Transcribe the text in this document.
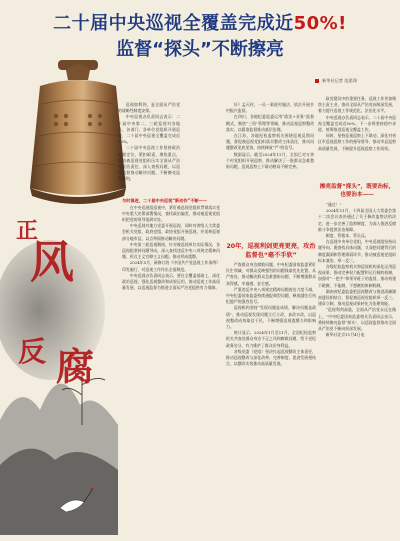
二十届中央巡视全覆盖完成近50%!
监督“探头”不断擦亮
正
风
反 腐
新华社记者 范思翔

巡视如利剑，是全面从严治党的战略性制度安排。

中央巡视办负责同志表示：二十届中央第二、三轮巡视对各地区、各部门、各单位党组织开展巡视，二十届中央巡视全覆盖完成近50%。

二十届中央巡视工作坚持政治巡视定位，紧扣职责、聚焦重点，推动被巡视党组织压实全面从严治党政治责任，深入查找问题，以巡视监督推动解决问题，不断擦亮巡视利剑。

与时俱进，二十届中央巡视“新动作”不断——

在中央巡视组巡视中，紧盯被巡视党组织贯彻落实党中央重大决策部署情况，查找政治偏差，推动被巡视党组织把党的领导落到实处。

中央巡视对地方党委开展巡视，同时对省级人大常委会机关党组、政府党组、政协党组开展巡视，并延伸巡视部分地市县，以点带面推动解决问题。

中央第三轮巡视期间，针对被巡视单位实际情况，各巡视组坚持问题导向，深入查找违反中央八项规定精神问题、形式主义官僚主义问题，推动形成震慑。

2024年5月，新修订的《中国共产党巡视工作条例》印发施行，对巡视工作作出全面规范。

中央巡视办负责同志表示，要在全覆盖基础上，深化政治巡视，强化巡视整改和成果运用，推动巡视工作高质量发展，以巡视监督为推进全面从严治党提供有力保障。

好》孟灭村，一员一案进村施法，依法开展乡村振兴监督。

在四川，各地纪委监委运用“政治+业务”监督模式，聚焦“三资”管理等领域，推动巡视巡察整改落实，以精准监督推动基层治理。

在江苏，各地纪检监察机关围绕巡视反馈问题，督促被巡视党组织落实整改主体责任，推动问题整改见底见效，持续释放“严”的信号。

数据显示，截至2024年11月，全国已对万余个村党组织开展巡察，推动解决了一批群众急难愁盼问题，巡视巡察上下联动格局不断完善。

20年，巡视利剑更亮更亮，攻治监督也“毫不手软”

严查群众身边腐败问题，中央纪委国家监委紧盯民生领域，对群众反映强烈的问题线索优先处置、从严查处，推动解决群众急难愁盼问题，不断增强群众获得感、幸福感、安全感。

严重违反中央八项规定精神问题查处力度不减，中央纪委国家监委持续通报典型问题，释放越往后执纪越严的强烈信号。

巡视机构坚持“发现问题是成绩、解决问题是政绩”，推动巡视发现问题立行立改、真改实改，以巡视整改成效取信于民，不断增强巡视震慑力和影响力。

统计显示，2024年1月至11月，全国纪检监察机关共查处群众身边不正之风和腐败问题，给予党纪政务处分，有力维护了群众切身利益。

各级党委（党组）坚决扛起巡视整改主体责任，推动巡视整改与深化改革、完善制度、促进发展相结合，以整改实效推动高质量发展。

政党建设中的重要任务，巡视工作更加聚焦主责主业，推动全面从严治党向纵深发展，着力提升巡视工作规范化、法治化水平。

中央巡视办负责同志表示，二十届中央巡视全覆盖完成近50%，下一步将坚持稳中求进，统筹推进巡视全覆盖工作。

同时，坚持巡视巡察上下联动，深化对省区市巡视巡察工作的指导督导，推动市县巡察高质量发展，不断提升巡视巡察工作质效。

擦亮监督“探头”，既要治标，也要治本——

“通过！”

2024年11月，十四届全国人大常委会第十二次会议表决通过了关于修改监察法的决定，进一步完善了监察制度，为深入推进反腐败斗争提供法治保障。

制度，管根本、管长远。

在巡视中央单位党组，中央巡视组坚持问题导向，既查找具体问题，又深挖问题背后的制度漏洞和管理薄弱环节，推动被巡视党组织标本兼治、举一反三。

各级纪检监察机关和巡视机构深化运用巡视成果，推动完善权力配置和运行制约机制，加强对“一把手”和领导班子的监督，推动构建不敢腐、不能腐、不想腐的体制机制。

湖南省纪委监委把巡视整改与推进清廉湖南建设相结合，督促被巡视党组织举一反三、建章立制，推动巡视成果转化为治理效能。

“巡视利剑高悬，全面从严治党永远在路上。”中央纪委国家监委相关负责同志表示，将持续擦亮监督“探头”，以巡视监督推动全面从严治党不断向纵深发展。

新华社北京11月4日电
